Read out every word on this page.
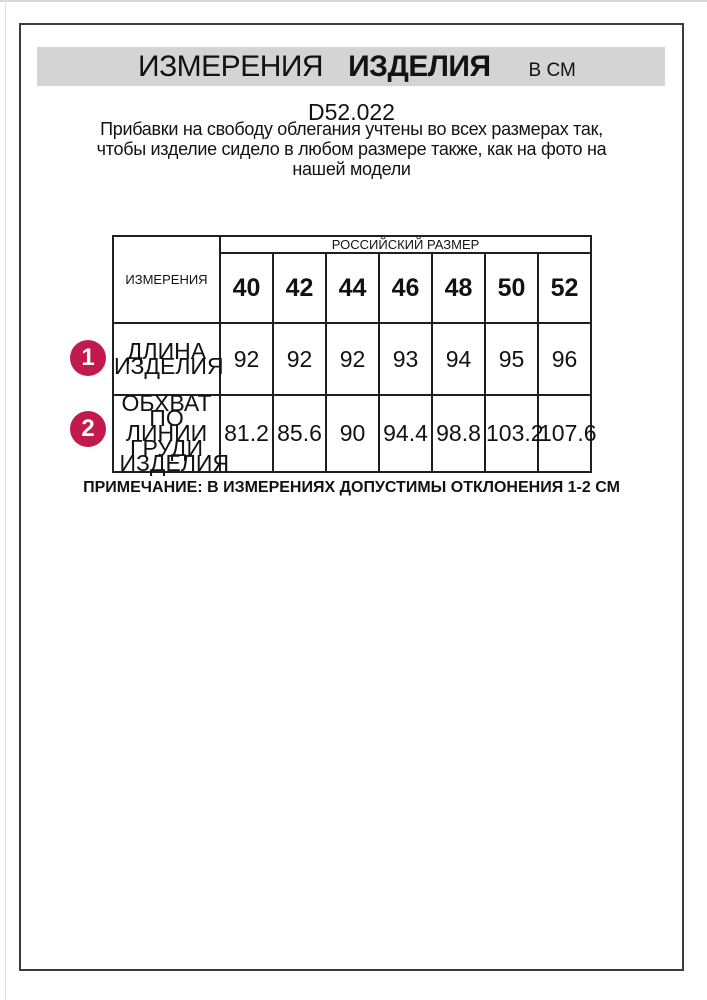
ИЗМЕРЕНИЯ ИЗДЕЛИЯ В СМ
D52.022
Прибавки на свободу облегания учтены во всех размерах так,
чтобы изделие сидело в любом размере также, как на фото на
нашей модели
ИЗМЕРЕНИЯ	РОССИЙСКИЙ РАЗМЕР						
	40	42	44	46	48	50	52
ДЛИНА ИЗДЕЛИЯ	92	92	92	93	94	95	96
ОБХВАТ ПО ЛИНИИ ГРУДИ ИЗДЕЛИЯ	81.2	85.6	90	94.4	98.8	103.2	107.6
1
2
ПРИМЕЧАНИЕ: В ИЗМЕРЕНИЯХ ДОПУСТИМЫ ОТКЛОНЕНИЯ 1-2 СМ
